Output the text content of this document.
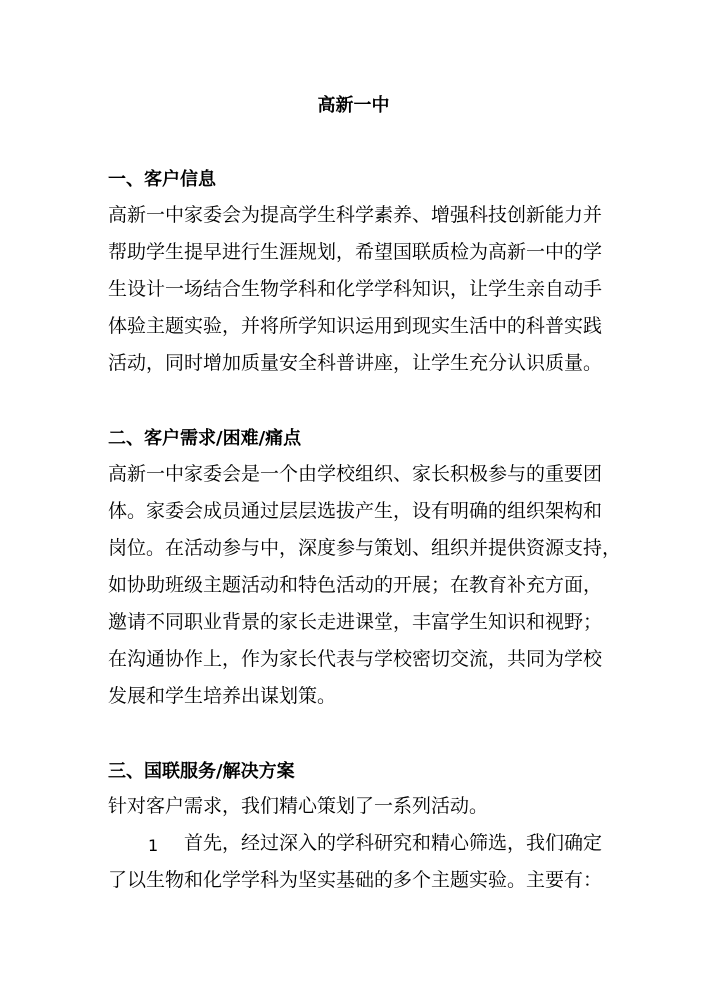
高新一中
一、客户信息
高新一中家委会为提高学生科学素养、增强科技创新能力并
帮助学生提早进行生涯规划，希望国联质检为高新一中的学
生设计一场结合生物学科和化学学科知识，让学生亲自动手
体验主题实验，并将所学知识运用到现实生活中的科普实践
活动，同时增加质量安全科普讲座，让学生充分认识质量。
二、客户需求/困难/痛点
高新一中家委会是一个由学校组织、家长积极参与的重要团
体。家委会成员通过层层选拔产生，设有明确的组织架构和
岗位。在活动参与中，深度参与策划、组织并提供资源支持，
如协助班级主题活动和特色活动的开展；在教育补充方面，
邀请不同职业背景的家长走进课堂，丰富学生知识和视野；
在沟通协作上，作为家长代表与学校密切交流，共同为学校
发展和学生培养出谋划策。
三、国联服务/解决方案
针对客户需求，我们精心策划了一系列活动。
1	首先，经过深入的学科研究和精心筛选，我们确定
了以生物和化学学科为坚实基础的多个主题实验。主要有：
